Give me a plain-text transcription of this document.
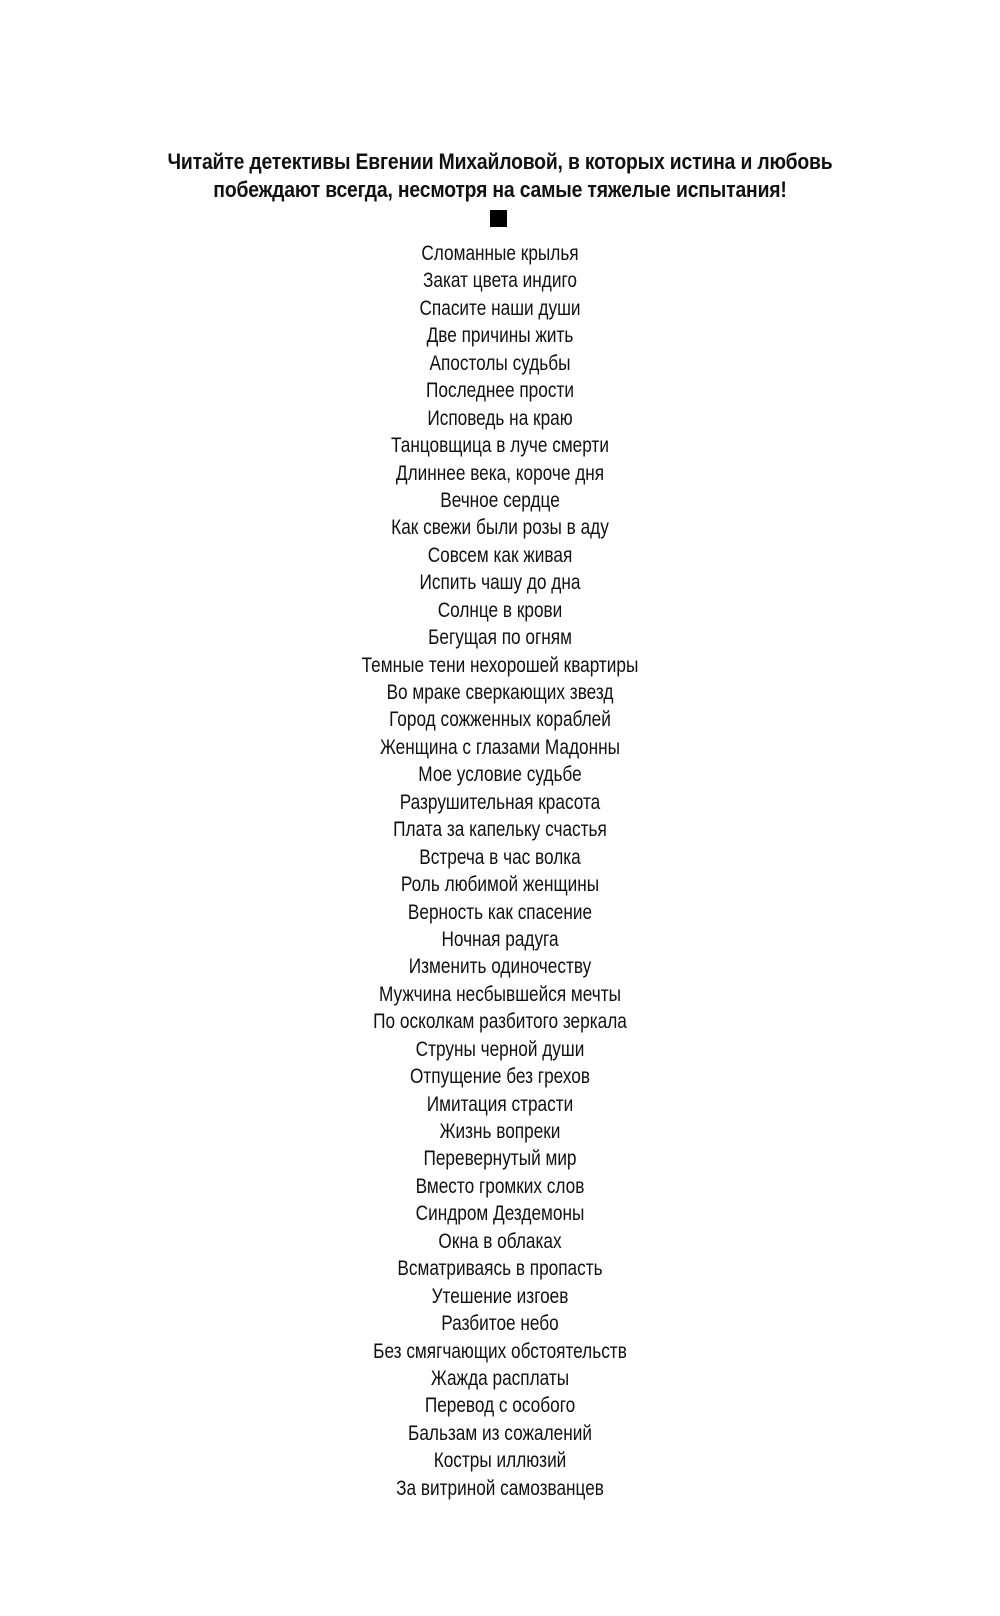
Читайте детективы Евгении Михайловой, в которых истина и любовь
побеждают всегда, несмотря на самые тяжелые испытания!
Сломанные крылья
Закат цвета индиго
Спасите наши души
Две причины жить
Апостолы судьбы
Последнее прости
Исповедь на краю
Танцовщица в луче смерти
Длиннее века, короче дня
Вечное сердце
Как свежи были розы в аду
Совсем как живая
Испить чашу до дна
Солнце в крови
Бегущая по огням
Темные тени нехорошей квартиры
Во мраке сверкающих звезд
Город сожженных кораблей
Женщина с глазами Мадонны
Мое условие судьбе
Разрушительная красота
Плата за капельку счастья
Встреча в час волка
Роль любимой женщины
Верность как спасение
Ночная радуга
Изменить одиночеству
Мужчина несбывшейся мечты
По осколкам разбитого зеркала
Струны черной души
Отпущение без грехов
Имитация страсти
Жизнь вопреки
Перевернутый мир
Вместо громких слов
Синдром Дездемоны
Окна в облаках
Всматриваясь в пропасть
Утешение изгоев
Разбитое небо
Без смягчающих обстоятельств
Жажда расплаты
Перевод с особого
Бальзам из сожалений
Костры иллюзий
За витриной самозванцев
